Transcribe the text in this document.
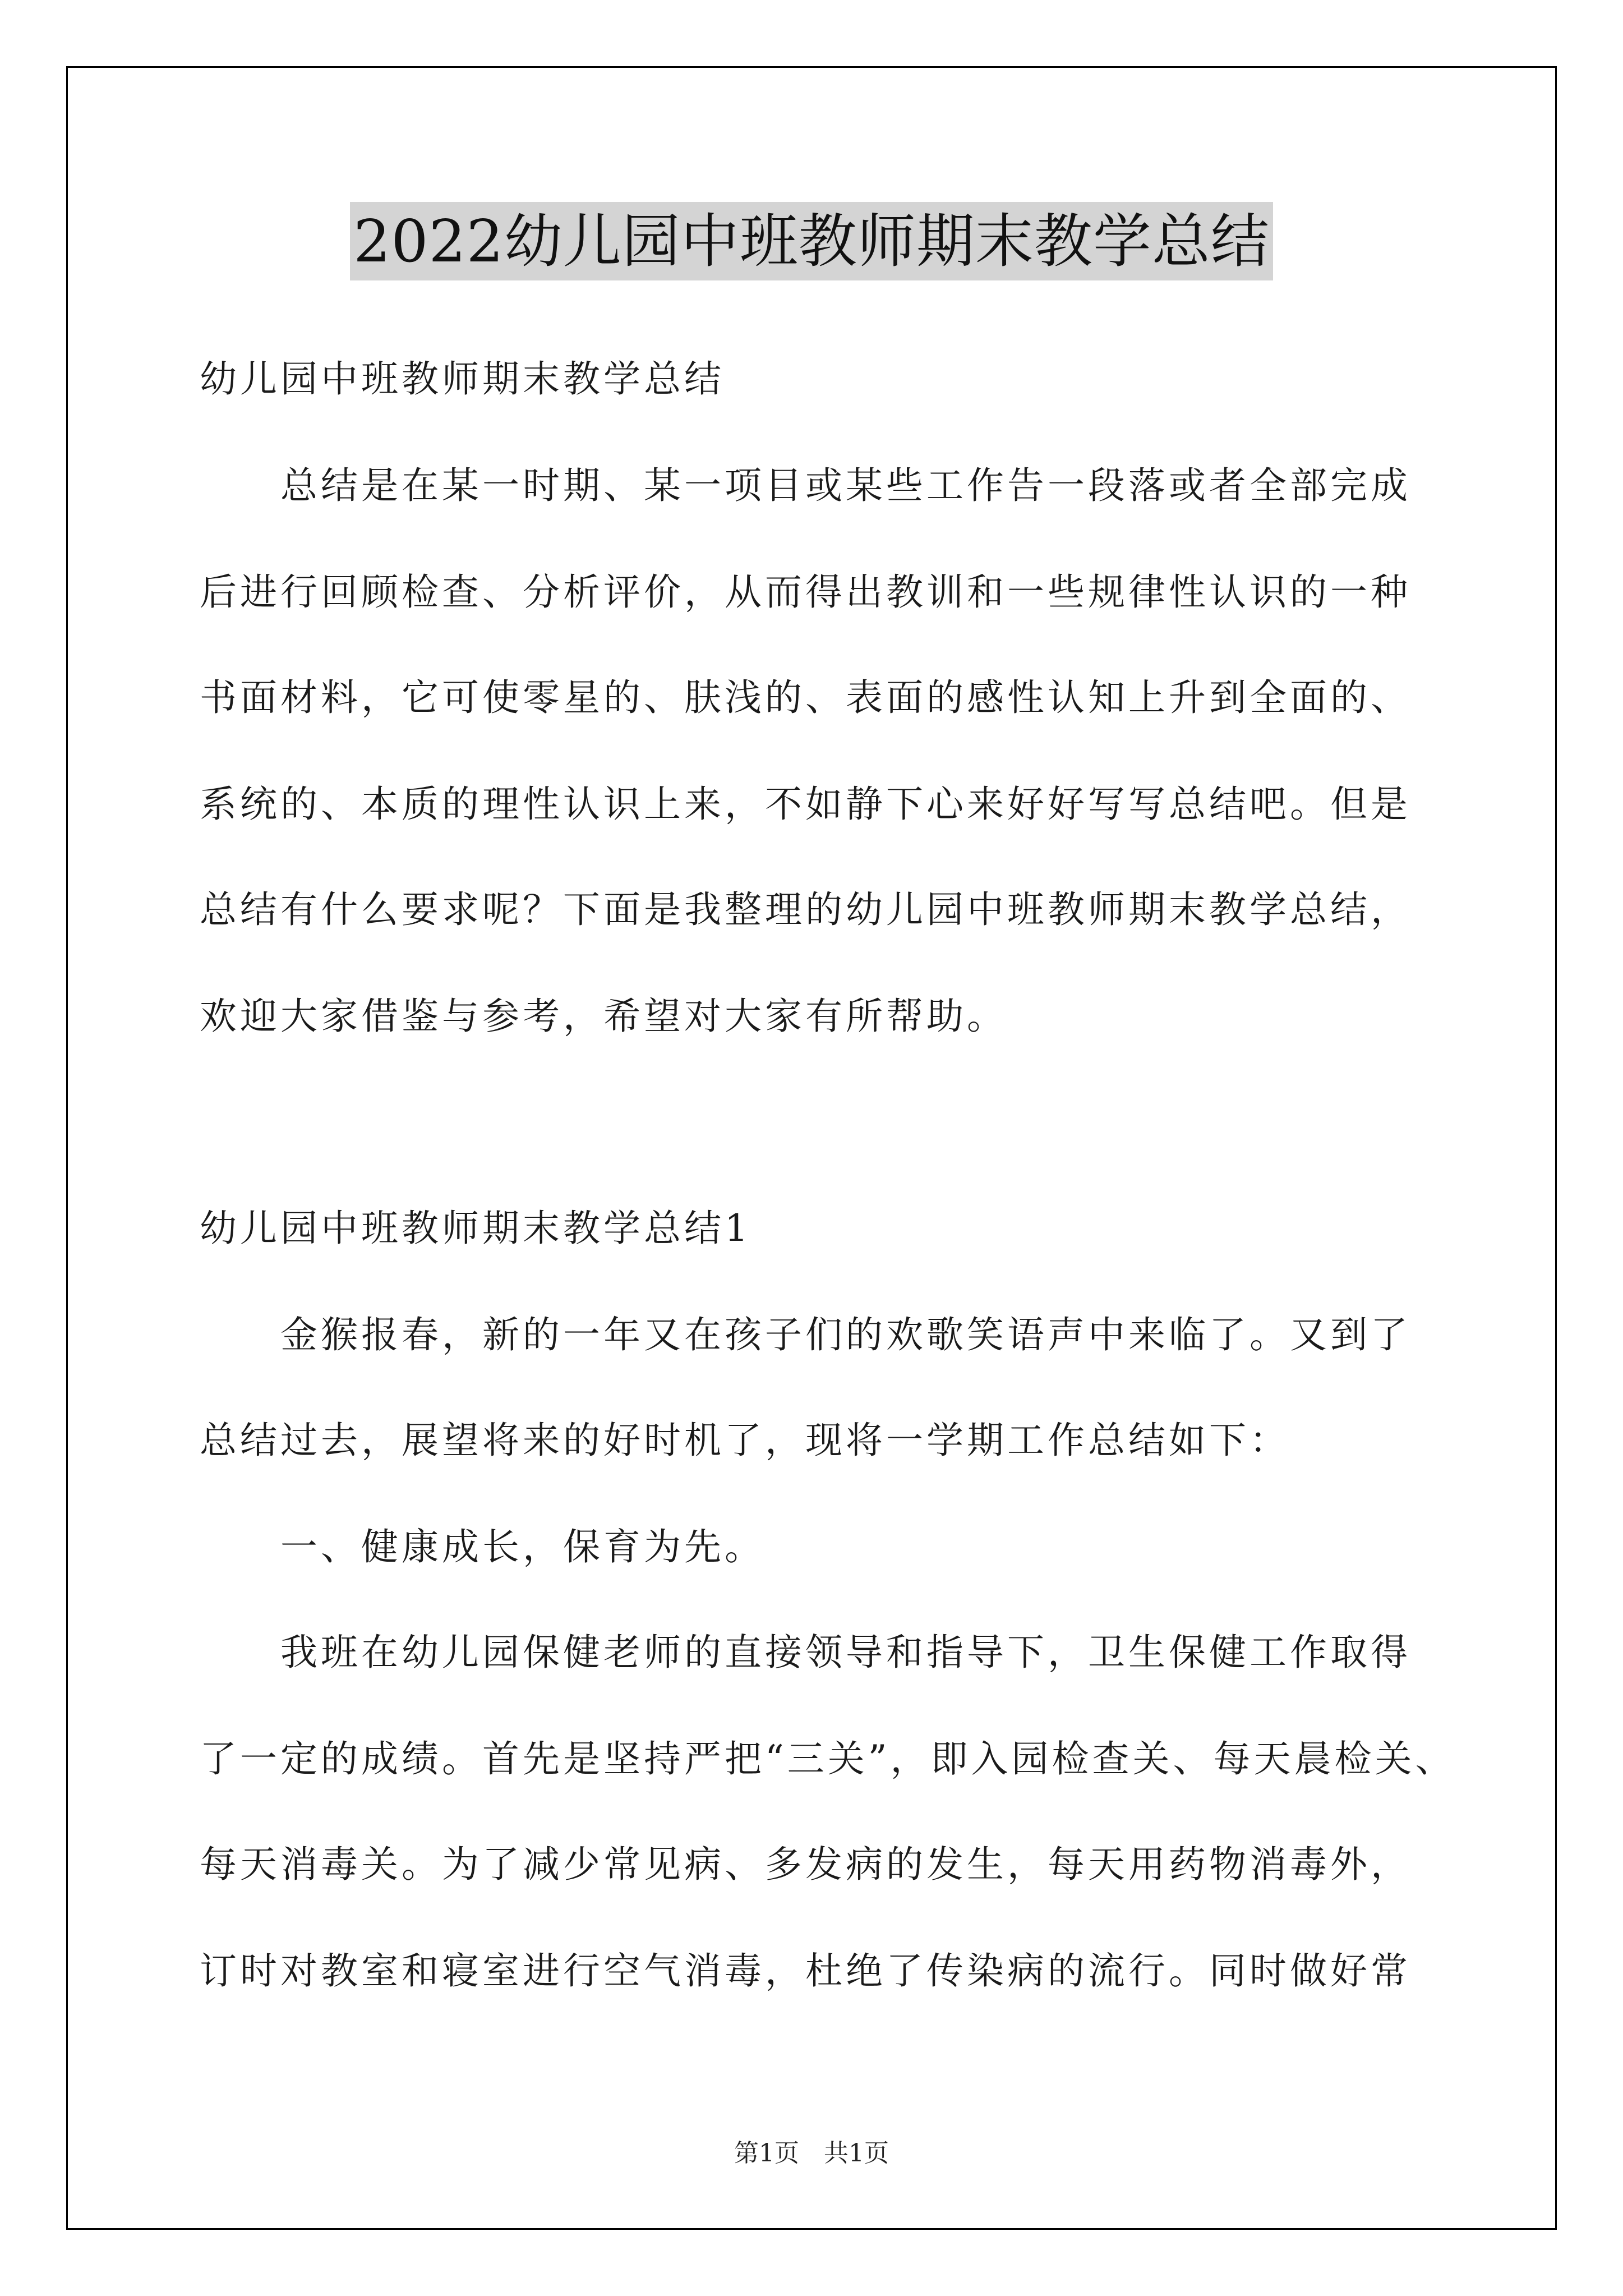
2022幼儿园中班教师期末教学总结
幼儿园中班教师期末教学总结
　　总结是在某一时期、某一项目或某些工作告一段落或者全部完成
后进行回顾检查、分析评价，从而得出教训和一些规律性认识的一种
书面材料，它可使零星的、肤浅的、表面的感性认知上升到全面的、
系统的、本质的理性认识上来，不如静下心来好好写写总结吧。但是
总结有什么要求呢？下面是我整理的幼儿园中班教师期末教学总结，
欢迎大家借鉴与参考，希望对大家有所帮助。
幼儿园中班教师期末教学总结1
　　金猴报春，新的一年又在孩子们的欢歌笑语声中来临了。又到了
总结过去，展望将来的好时机了，现将一学期工作总结如下：
　　一、健康成长，保育为先。
　　我班在幼儿园保健老师的直接领导和指导下，卫生保健工作取得
了一定的成绩。首先是坚持严把“三关”，即入园检查关、每天晨检关、
每天消毒关。为了减少常见病、多发病的发生，每天用药物消毒外，
订时对教室和寝室进行空气消毒，杜绝了传染病的流行。同时做好常
第1页　共1页
